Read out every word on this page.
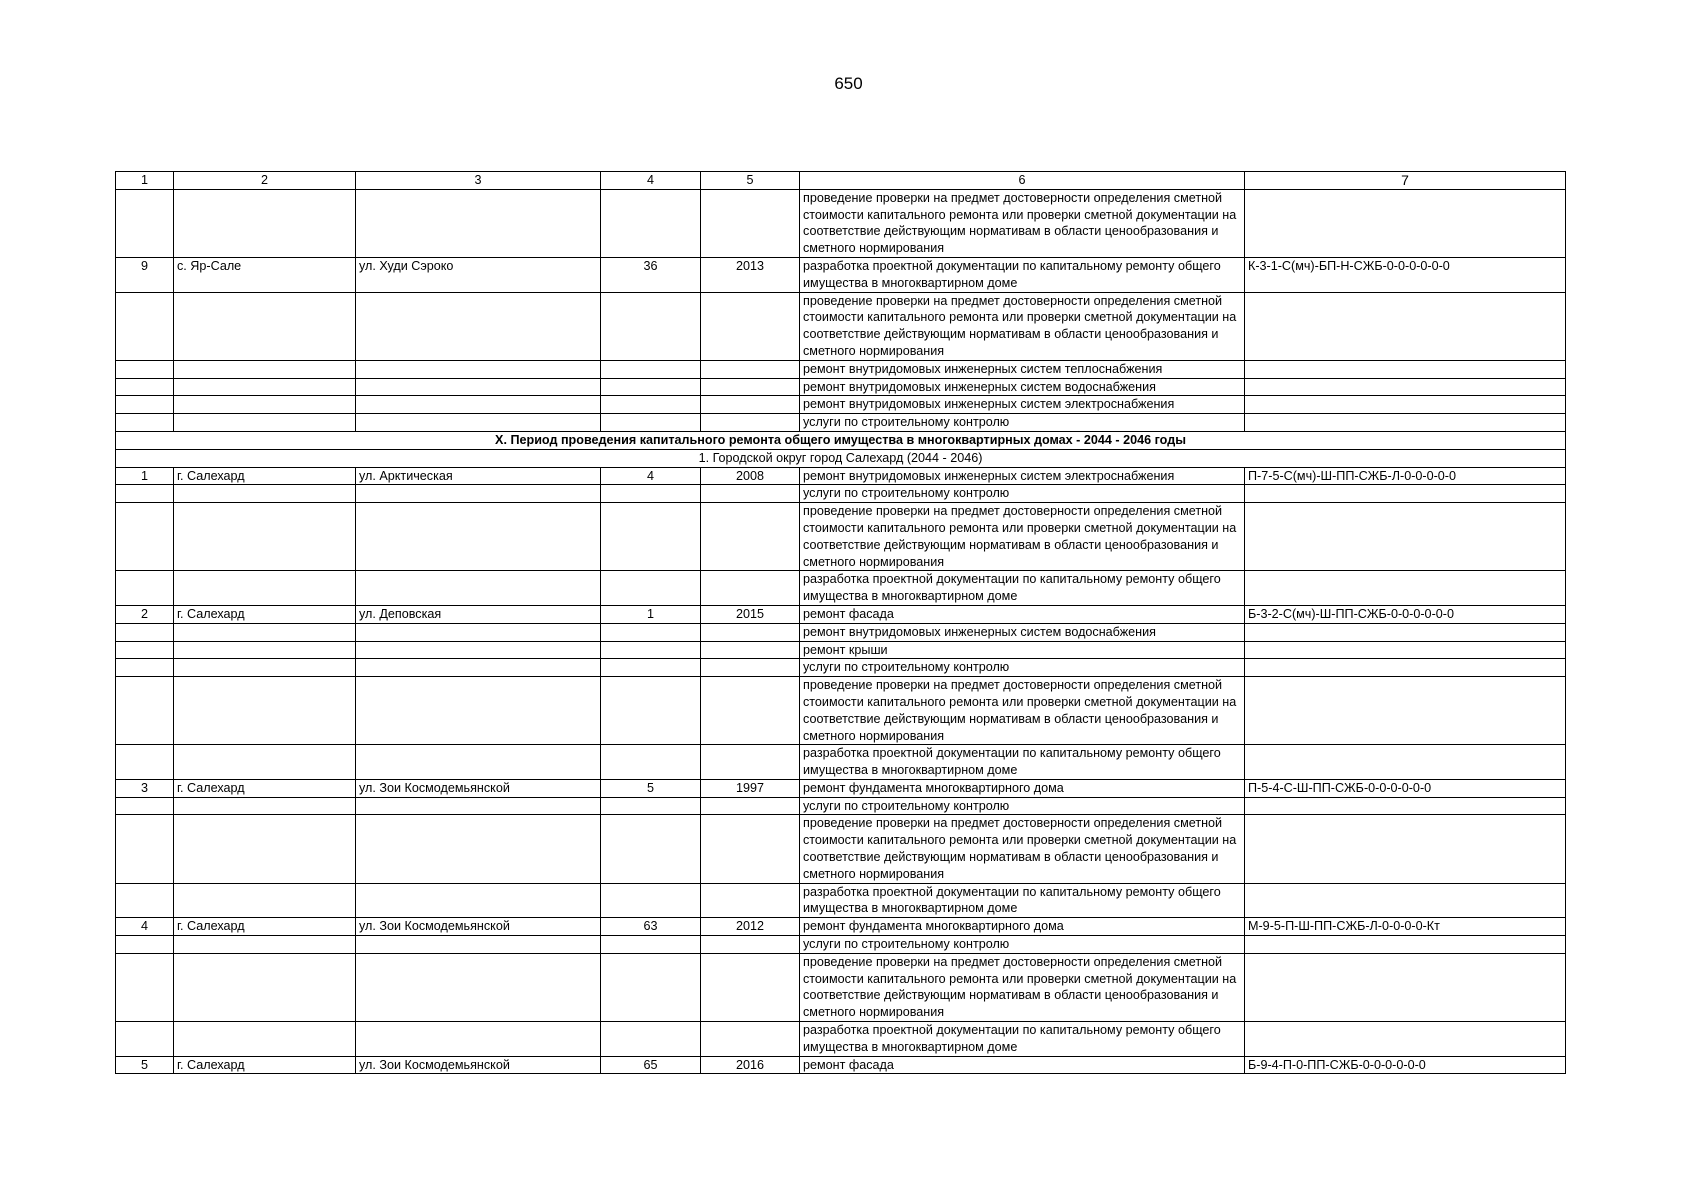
650
1	2	3	4	5	6	7
					проведение проверки на предмет достоверности определения сметной стоимости капитального ремонта или проверки сметной документации на соответствие действующим нормативам в области ценообразования и сметного нормирования	
9	с. Яр-Сале	ул. Худи Сэроко	36	2013	разработка проектной документации по капитальному ремонту общего имущества в многоквартирном доме	К-3-1-С(мч)-БП-Н-СЖБ-0-0-0-0-0-0
					проведение проверки на предмет достоверности определения сметной стоимости капитального ремонта или проверки сметной документации на соответствие действующим нормативам в области ценообразования и сметного нормирования	
					ремонт внутридомовых инженерных систем теплоснабжения	
					ремонт внутридомовых инженерных систем водоснабжения	
					ремонт внутридомовых инженерных систем электроснабжения	
					услуги по строительному контролю	
X. Период проведения капитального ремонта общего имущества в многоквартирных домах - 2044 - 2046 годы						
1. Городской округ город Салехард (2044 - 2046)						
1	г. Салехард	ул. Арктическая	4	2008	ремонт внутридомовых инженерных систем электроснабжения	П-7-5-С(мч)-Ш-ПП-СЖБ-Л-0-0-0-0-0
					услуги по строительному контролю	
					проведение проверки на предмет достоверности определения сметной стоимости капитального ремонта или проверки сметной документации на соответствие действующим нормативам в области ценообразования и сметного нормирования	
					разработка проектной документации по капитальному ремонту общего имущества в многоквартирном доме	
2	г. Салехард	ул. Деповская	1	2015	ремонт фасада	Б-3-2-С(мч)-Ш-ПП-СЖБ-0-0-0-0-0-0
					ремонт внутридомовых инженерных систем водоснабжения	
					ремонт крыши	
					услуги по строительному контролю	
					проведение проверки на предмет достоверности определения сметной стоимости капитального ремонта или проверки сметной документации на соответствие действующим нормативам в области ценообразования и сметного нормирования	
					разработка проектной документации по капитальному ремонту общего имущества в многоквартирном доме	
3	г. Салехард	ул. Зои Космодемьянской	5	1997	ремонт фундамента многоквартирного дома	П-5-4-С-Ш-ПП-СЖБ-0-0-0-0-0-0
					услуги по строительному контролю	
					проведение проверки на предмет достоверности определения сметной стоимости капитального ремонта или проверки сметной документации на соответствие действующим нормативам в области ценообразования и сметного нормирования	
					разработка проектной документации по капитальному ремонту общего имущества в многоквартирном доме	
4	г. Салехард	ул. Зои Космодемьянской	63	2012	ремонт фундамента многоквартирного дома	М-9-5-П-Ш-ПП-СЖБ-Л-0-0-0-0-Кт
					услуги по строительному контролю	
					проведение проверки на предмет достоверности определения сметной стоимости капитального ремонта или проверки сметной документации на соответствие действующим нормативам в области ценообразования и сметного нормирования	
					разработка проектной документации по капитальному ремонту общего имущества в многоквартирном доме	
5	г. Салехард	ул. Зои Космодемьянской	65	2016	ремонт фасада	Б-9-4-П-0-ПП-СЖБ-0-0-0-0-0-0
